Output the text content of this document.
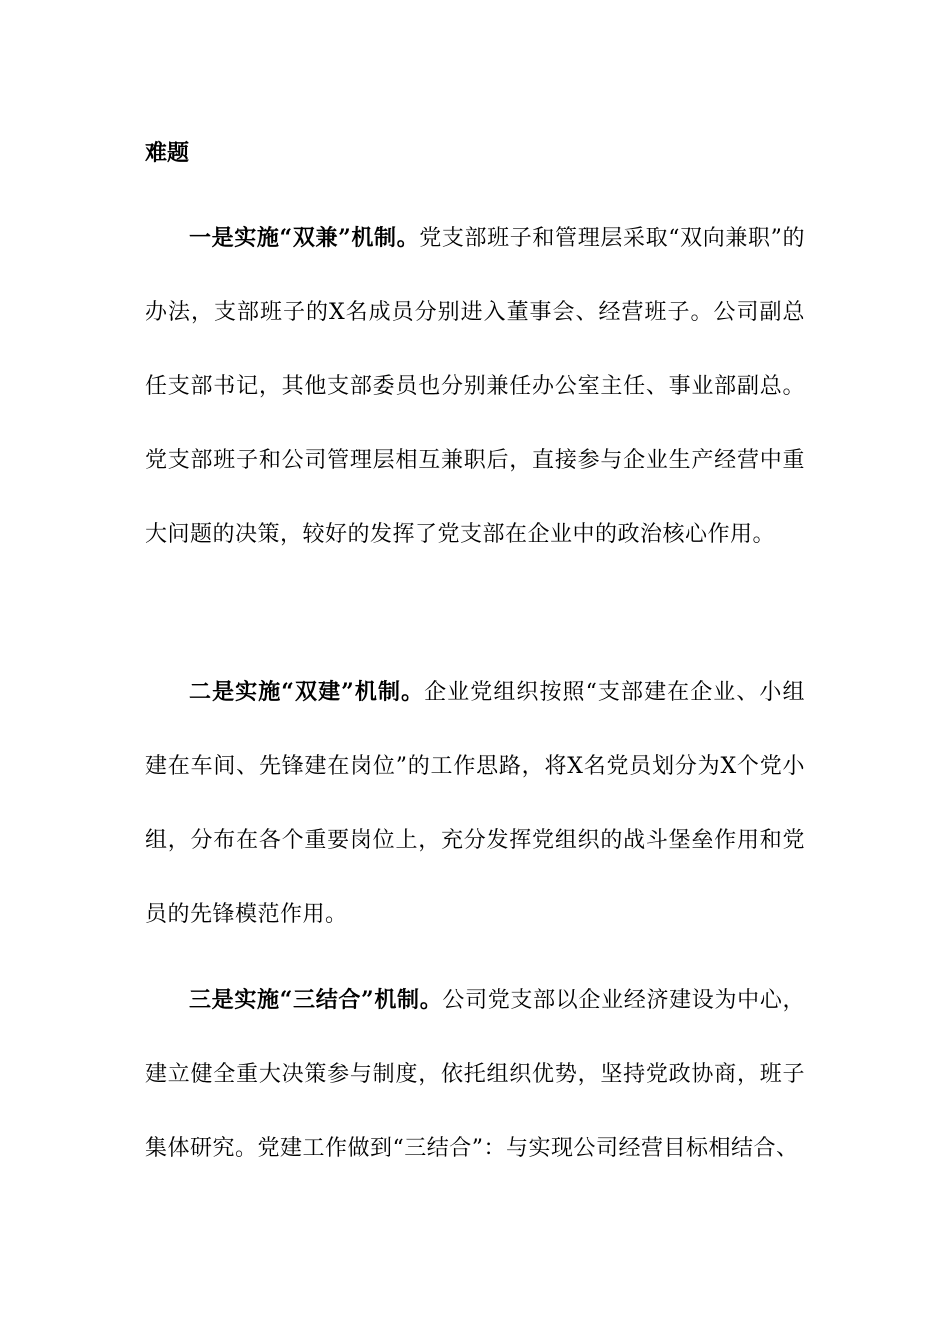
难题

一是实施“双兼”机制。党支部班子和管理层采取“双向兼职”的办法，支部班子的X名成员分别进入董事会、经营班子。公司副总任支部书记，其他支部委员也分别兼任办公室主任、事业部副总。党支部班子和公司管理层相互兼职后，直接参与企业生产经营中重大问题的决策，较好的发挥了党支部在企业中的政治核心作用。

二是实施“双建”机制。企业党组织按照“支部建在企业、小组建在车间、先锋建在岗位”的工作思路，将X名党员划分为X个党小组，分布在各个重要岗位上，充分发挥党组织的战斗堡垒作用和党员的先锋模范作用。

三是实施“三结合”机制。公司党支部以企业经济建设为中心，建立健全重大决策参与制度，依托组织优势，坚持党政协商，班子集体研究。党建工作做到“三结合”：与实现公司经营目标相结合、
